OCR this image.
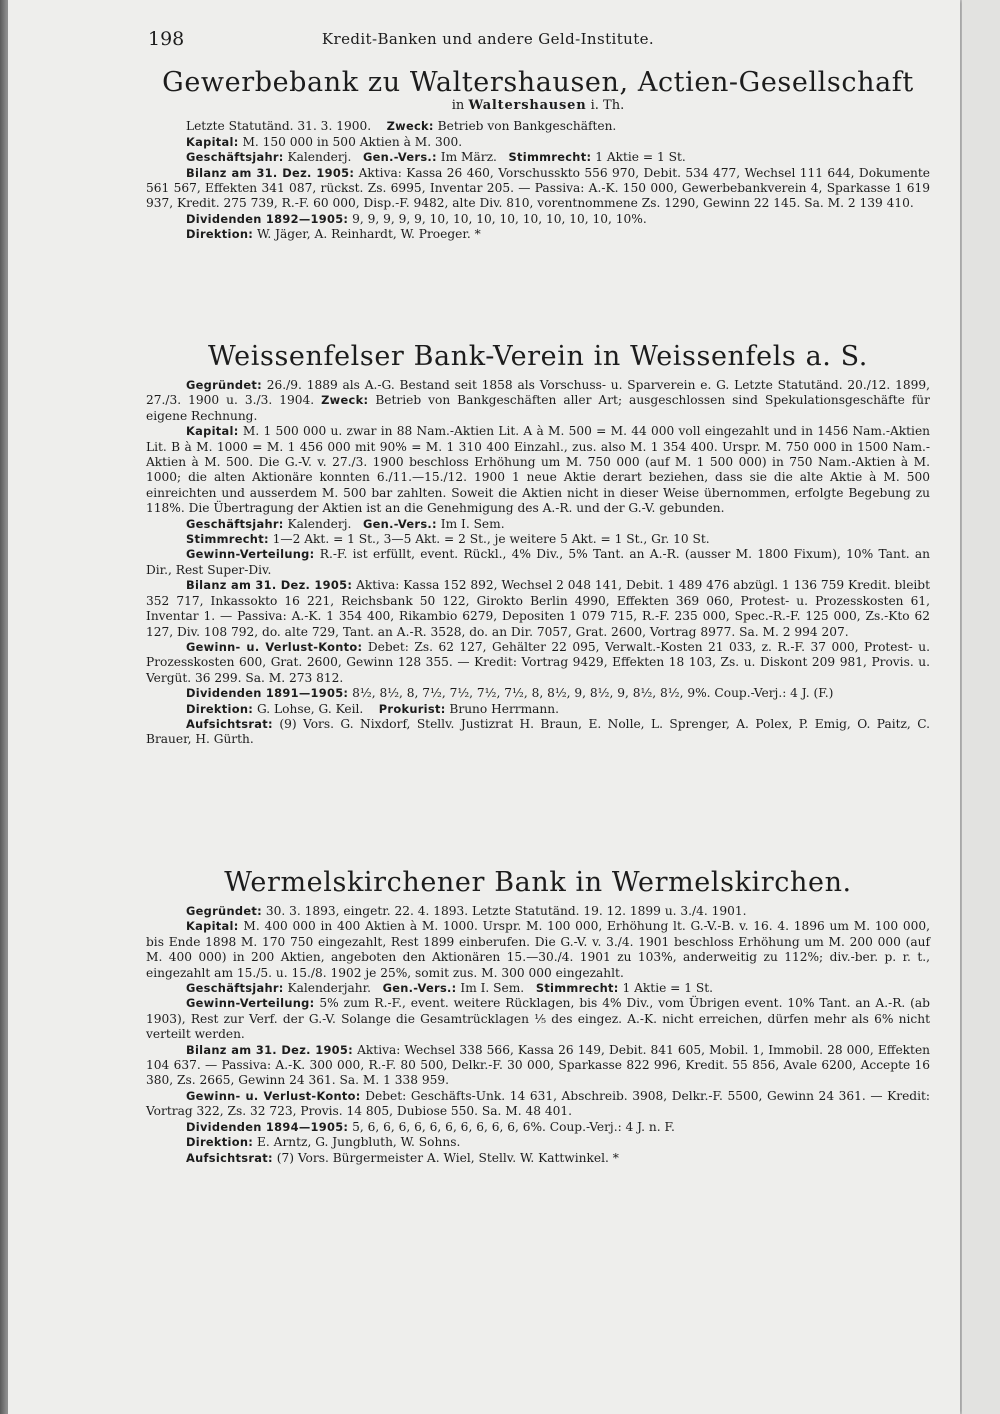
198	Kredit-Banken und andere Geld-Institute.
Gewerbebank zu Waltershausen, Actien-Gesellschaft
in Waltershausen i. Th.

Letzte Statutänd. 31. 3. 1900. Zweck: Betrieb von Bankgeschäften.

Kapital: M. 150 000 in 500 Aktien à M. 300.

Geschäftsjahr: Kalenderj. Gen.-Vers.: Im März. Stimmrecht: 1 Aktie = 1 St.

Bilanz am 31. Dez. 1905: Aktiva: Kassa 26 460, Vorschusskto 556 970, Debit. 534 477, Wechsel 111 644, Dokumente 561 567, Effekten 341 087, rückst. Zs. 6995, Inventar 205. — Passiva: A.-K. 150 000, Gewerbebankverein 4, Sparkasse 1 619 937, Kredit. 275 739, R.-F. 60 000, Disp.-F. 9482, alte Div. 810, vorentnommene Zs. 1290, Gewinn 22 145. Sa. M. 2 139 410.

Dividenden 1892—1905: 9, 9, 9, 9, 9, 10, 10, 10, 10, 10, 10, 10, 10, 10%.

Direktion: W. Jäger, A. Reinhardt, W. Proeger. *

Weissenfelser Bank-Verein in Weissenfels a. S.

Gegründet: 26./9. 1889 als A.-G. Bestand seit 1858 als Vorschuss- u. Sparverein e. G. Letzte Statutänd. 20./12. 1899, 27./3. 1900 u. 3./3. 1904. Zweck: Betrieb von Bankgeschäften aller Art; ausgeschlossen sind Spekulationsgeschäfte für eigene Rechnung.

Kapital: M. 1 500 000 u. zwar in 88 Nam.-Aktien Lit. A à M. 500 = M. 44 000 voll eingezahlt und in 1456 Nam.-Aktien Lit. B à M. 1000 = M. 1 456 000 mit 90% = M. 1 310 400 Einzahl., zus. also M. 1 354 400. Urspr. M. 750 000 in 1500 Nam.-Aktien à M. 500. Die G.-V. v. 27./3. 1900 beschloss Erhöhung um M. 750 000 (auf M. 1 500 000) in 750 Nam.-Aktien à M. 1000; die alten Aktionäre konnten 6./11.—15./12. 1900 1 neue Aktie derart beziehen, dass sie die alte Aktie à M. 500 einreichten und ausserdem M. 500 bar zahlten. Soweit die Aktien nicht in dieser Weise übernommen, erfolgte Begebung zu 118%. Die Übertragung der Aktien ist an die Genehmigung des A.-R. und der G.-V. gebunden.

Geschäftsjahr: Kalenderj. Gen.-Vers.: Im I. Sem.

Stimmrecht: 1—2 Akt. = 1 St., 3—5 Akt. = 2 St., je weitere 5 Akt. = 1 St., Gr. 10 St.

Gewinn-Verteilung: R.-F. ist erfüllt, event. Rückl., 4% Div., 5% Tant. an A.-R. (ausser M. 1800 Fixum), 10% Tant. an Dir., Rest Super-Div.

Bilanz am 31. Dez. 1905: Aktiva: Kassa 152 892, Wechsel 2 048 141, Debit. 1 489 476 abzügl. 1 136 759 Kredit. bleibt 352 717, Inkassokto 16 221, Reichsbank 50 122, Girokto Berlin 4990, Effekten 369 060, Protest- u. Prozesskosten 61, Inventar 1. — Passiva: A.-K. 1 354 400, Rikambio 6279, Depositen 1 079 715, R.-F. 235 000, Spec.-R.-F. 125 000, Zs.-Kto 62 127, Div. 108 792, do. alte 729, Tant. an A.-R. 3528, do. an Dir. 7057, Grat. 2600, Vortrag 8977. Sa. M. 2 994 207.

Gewinn- u. Verlust-Konto: Debet: Zs. 62 127, Gehälter 22 095, Verwalt.-Kosten 21 033, z. R.-F. 37 000, Protest- u. Prozesskosten 600, Grat. 2600, Gewinn 128 355. — Kredit: Vortrag 9429, Effekten 18 103, Zs. u. Diskont 209 981, Provis. u. Vergüt. 36 299. Sa. M. 273 812.

Dividenden 1891—1905: 8½, 8½, 8, 7½, 7½, 7½, 7½, 8, 8½, 9, 8½, 9, 8½, 8½, 9%. Coup.-Verj.: 4 J. (F.)

Direktion: G. Lohse, G. Keil. Prokurist: Bruno Herrmann.

Aufsichtsrat: (9) Vors. G. Nixdorf, Stellv. Justizrat H. Braun, E. Nolle, L. Sprenger, A. Polex, P. Emig, O. Paitz, C. Brauer, H. Gürth.

Wermelskirchener Bank in Wermelskirchen.

Gegründet: 30. 3. 1893, eingetr. 22. 4. 1893. Letzte Statutänd. 19. 12. 1899 u. 3./4. 1901.

Kapital: M. 400 000 in 400 Aktien à M. 1000. Urspr. M. 100 000, Erhöhung lt. G.-V.-B. v. 16. 4. 1896 um M. 100 000, bis Ende 1898 M. 170 750 eingezahlt, Rest 1899 einberufen. Die G.-V. v. 3./4. 1901 beschloss Erhöhung um M. 200 000 (auf M. 400 000) in 200 Aktien, angeboten den Aktionären 15.—30./4. 1901 zu 103%, anderweitig zu 112%; div.-ber. p. r. t., eingezahlt am 15./5. u. 15./8. 1902 je 25%, somit zus. M. 300 000 eingezahlt.

Geschäftsjahr: Kalenderjahr. Gen.-Vers.: Im I. Sem. Stimmrecht: 1 Aktie = 1 St.

Gewinn-Verteilung: 5% zum R.-F., event. weitere Rücklagen, bis 4% Div., vom Übrigen event. 10% Tant. an A.-R. (ab 1903), Rest zur Verf. der G.-V. Solange die Gesamtrücklagen ⅕ des eingez. A.-K. nicht erreichen, dürfen mehr als 6% nicht verteilt werden.

Bilanz am 31. Dez. 1905: Aktiva: Wechsel 338 566, Kassa 26 149, Debit. 841 605, Mobil. 1, Immobil. 28 000, Effekten 104 637. — Passiva: A.-K. 300 000, R.-F. 80 500, Delkr.-F. 30 000, Sparkasse 822 996, Kredit. 55 856, Avale 6200, Accepte 16 380, Zs. 2665, Gewinn 24 361. Sa. M. 1 338 959.

Gewinn- u. Verlust-Konto: Debet: Geschäfts-Unk. 14 631, Abschreib. 3908, Delkr.-F. 5500, Gewinn 24 361. — Kredit: Vortrag 322, Zs. 32 723, Provis. 14 805, Dubiose 550. Sa. M. 48 401.

Dividenden 1894—1905: 5, 6, 6, 6, 6, 6, 6, 6, 6, 6, 6, 6%. Coup.-Verj.: 4 J. n. F.

Direktion: E. Arntz, G. Jungbluth, W. Sohns.

Aufsichtsrat: (7) Vors. Bürgermeister A. Wiel, Stellv. W. Kattwinkel. *
